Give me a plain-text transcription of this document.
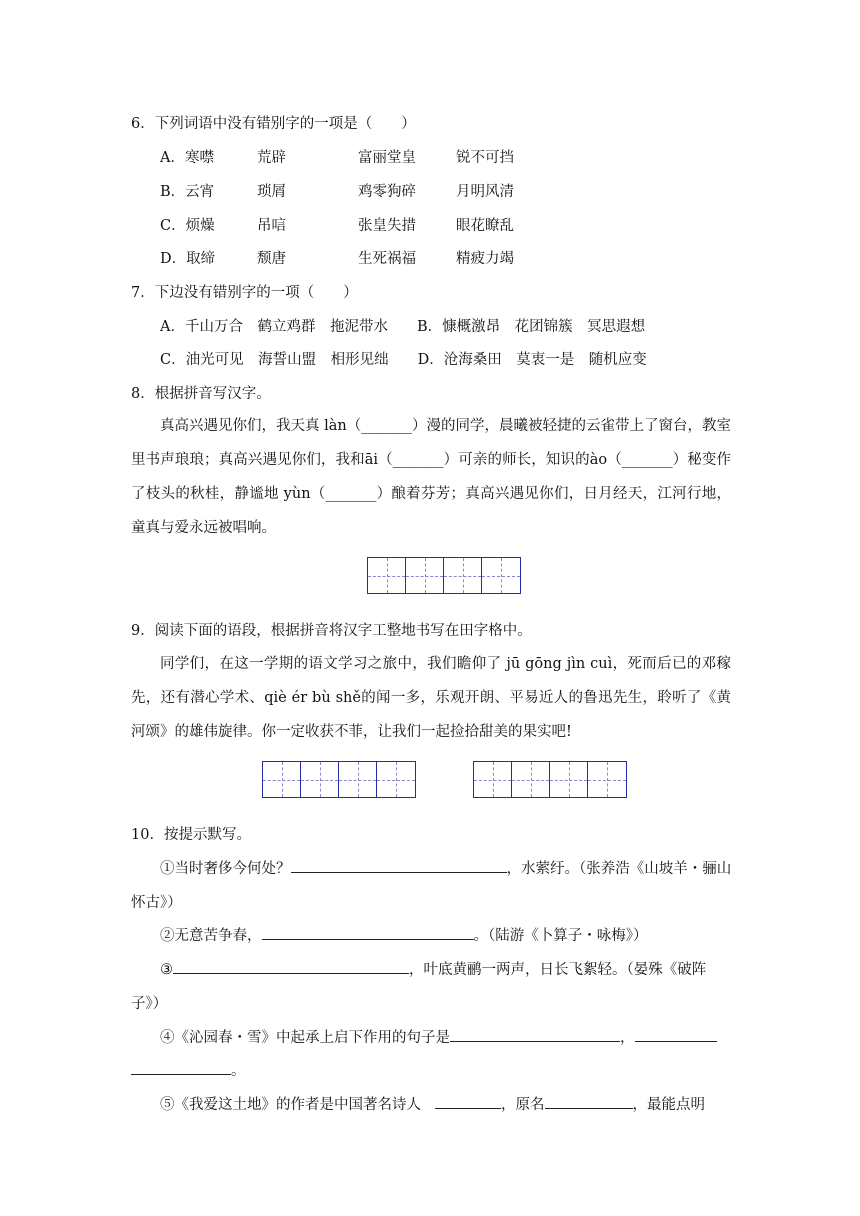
6．下列词语中没有错别字的一项是（　　）
A．寒噤	荒辟	富丽堂皇	锐不可挡
B．云宵	琐屑	鸡零狗碎	月明风清
C．烦燥	吊唁	张皇失措	眼花瞭乱
D．取缔	颓唐	生死祸福	精疲力竭
7．下边没有错别字的一项（　　）
A．千山万合　鹤立鸡群　拖泥带水　　B．慷概激昂　花团锦簇　冥思遐想
C．油光可见　海誓山盟　相形见绌　　D．沧海桑田　莫衷一是　随机应变
8．根据拼音写汉字。
真高兴遇见你们，我天真 làn（_______）漫的同学，晨曦被轻捷的云雀带上了窗台，教室里书声琅琅；真高兴遇见你们，我和āi（_______）可亲的师长，知识的ào（_______）秘变作了枝头的秋桂，静谧地 yùn（_______）酿着芬芳；真高兴遇见你们，日月经天，江河行地，童真与爱永远被唱响。
9．阅读下面的语段，根据拼音将汉字工整地书写在田字格中。
同学们，在这一学期的语文学习之旅中，我们瞻仰了 jū gōng jìn cuì，死而后已的邓稼先，还有潜心学术、qiè ér bù shě的闻一多，乐观开朗、平易近人的鲁迅先生，聆听了《黄河颂》的雄伟旋律。你一定收获不菲，让我们一起捡拾甜美的果实吧!
10．按提示默写。
①当时奢侈今何处？	，水萦纡。（张养浩《山坡羊・骊山
怀古》）
②无意苦争春，	。（陆游《卜算子・咏梅》）
③	，叶底黄鹂一两声，日长飞絮轻。（晏殊《破阵
子》）
④《沁园春・雪》中起承上启下作用的句子是	，
。
⑤《我爱这土地》的作者是中国著名诗人	，原名	，最能点明
